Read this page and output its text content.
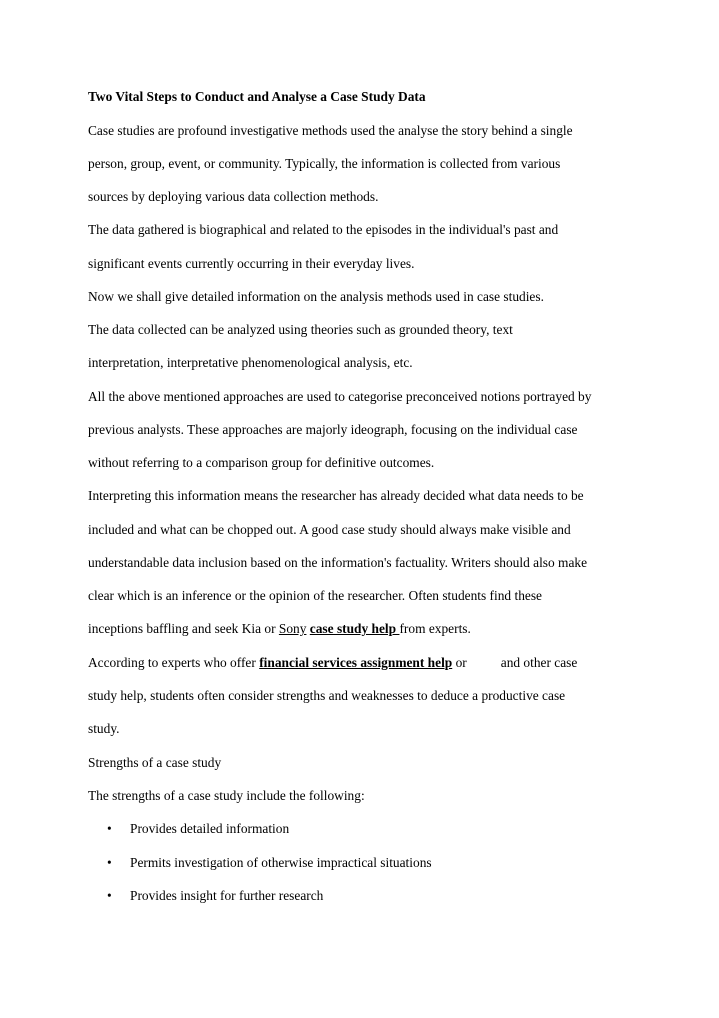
Two Vital Steps to Conduct and Analyse a Case Study Data
Case studies are profound investigative methods used the analyse the story behind a single
person, group, event, or community. Typically, the information is collected from various
sources by deploying various data collection methods.
The data gathered is biographical and related to the episodes in the individual's past and
significant events currently occurring in their everyday lives.
Now we shall give detailed information on the analysis methods used in case studies.
The data collected can be analyzed using theories such as grounded theory, text
interpretation, interpretative phenomenological analysis, etc.
All the above mentioned approaches are used to categorise preconceived notions portrayed by
previous analysts. These approaches are majorly ideograph, focusing on the individual case
without referring to a comparison group for definitive outcomes.
Interpreting this information means the researcher has already decided what data needs to be
included and what can be chopped out. A good case study should always make visible and
understandable data inclusion based on the information's factuality. Writers should also make
clear which is an inference or the opinion of the researcher. Often students find these
inceptions baffling and seek Kia or Sony case study help from experts.
According to experts who offer financial services assignment help or	and other case
study help, students often consider strengths and weaknesses to deduce a productive case
study.
Strengths of a case study
The strengths of a case study include the following:
• Provides detailed information
• Permits investigation of otherwise impractical situations
• Provides insight for further research
